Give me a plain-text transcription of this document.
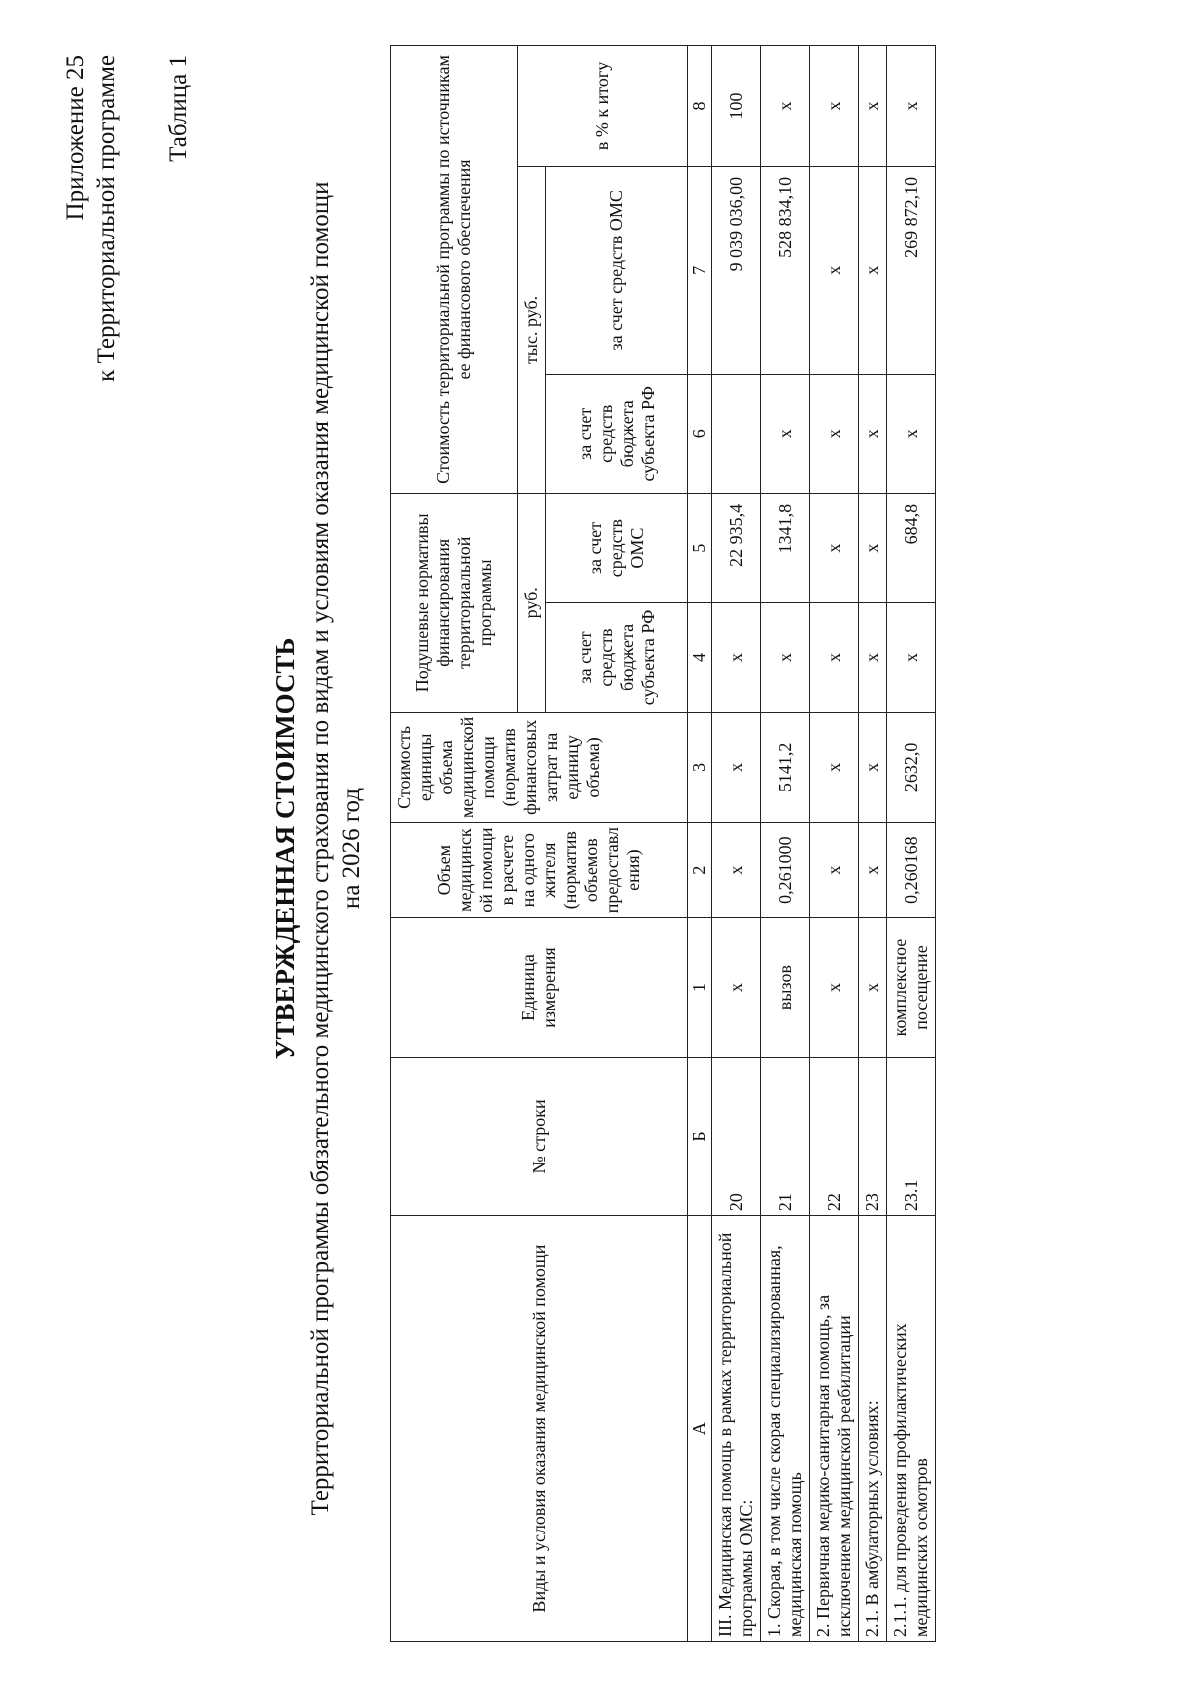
Приложение 25 к Территориальной программе Таблица 1
УТВЕРЖДЕННАЯ СТОИМОСТЬ Территориальной программы обязательного медицинского страхования по видам и условиям оказания медицинской помощи на 2026 год
Виды и условия оказания медицинской помощи	№ строки	Единица измерения	Объем медицинск ой помощи в расчете на одного жителя (норматив объемов предоставл ения)	Стоимость единицы объема медицинской помощи (норматив финансовых затрат на единицу объема)	Подушевые нормативы финансирования территориальной программы		Стоимость территориальной программы по источникам ее финансового обеспечения		
					руб.		тыс. руб.		в % к итогу
					за счет средств бюджета субъекта РФ	за счет средств ОМС	за счет средств бюджета субъекта РФ	за счет средств ОМС	
А	Б	1	2	3	4	5	6	7	8
III. Медицинская помощь в рамках территориальной программы ОМС:	20	x	x	x	x	22 935,4		9 039 036,00	100
1. Скорая, в том числе скорая специализированная, медицинская помощь	21	вызов	0,261000	5141,2	x	1341,8	x	528 834,10	x
2. Первичная медико-санитарная помощь, за исключением медицинской реабилитации	22	x	x	x	x	x	x	x	x
2.1. В амбулаторных условиях:	23	x	x	x	x	x	x	x	x
2.1.1. для проведения профилактических медицинских осмотров	23.1	комплексное посещение	0,260168	2632,0	x	684,8	x	269 872,10	x
